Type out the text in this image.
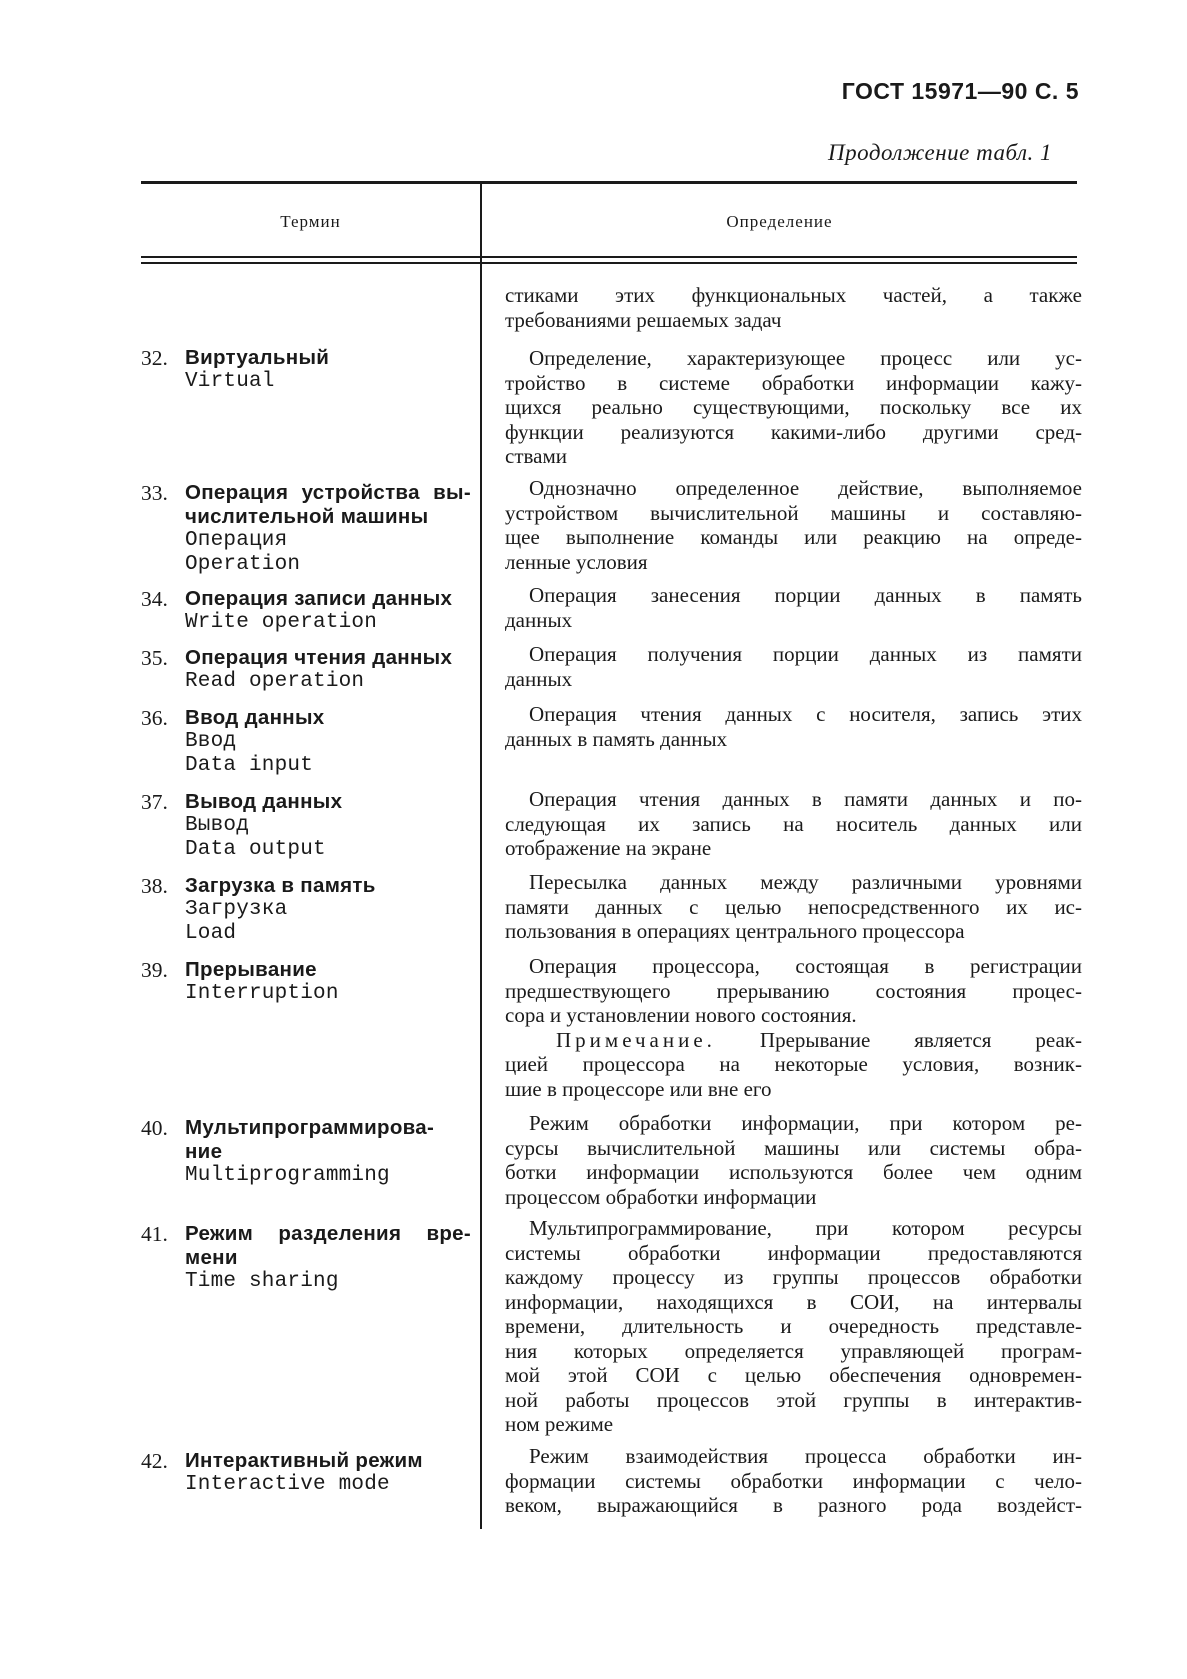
ГОСТ 15971—90 С. 5
Продолжение табл. 1
Термин	Определение
стиками этих функциональных частей, а также
требованиями решаемых задач
32. Виртуальный
Virtual
Определение, характеризующее процесс или ус-
тройство в системе обработки информации кажу-
щихся реально существующими, поскольку все их
функции реализуются какими-либо другими сред-
ствами
33. Операция устройства вы-
числительной машины
Операция
Operation
Однозначно определенное действие, выполняемое
устройством вычислительной машины и составляю-
щее выполнение команды или реакцию на опреде-
ленные условия
34. Операция записи данных
Write operation
Операция занесения порции данных в память
данных
35. Операция чтения данных
Read operation
Операция получения порции данных из памяти
данных
36. Ввод данных
Ввод
Data input
Операция чтения данных с носителя, запись этих
данных в память данных
37. Вывод данных
Вывод
Data output
Операция чтения данных в памяти данных и по-
следующая их запись на носитель данных или
отображение на экране
38. Загрузка в память
Загрузка
Load
Пересылка данных между различными уровнями
памяти данных с целью непосредственного их ис-
пользования в операциях центрального процессора
39. Прерывание
Interruption
Операция процессора, состоящая в регистрации
предшествующего прерыванию состояния процес-
сора и установлении нового состояния.
Примечание. Прерывание является реак-
цией процессора на некоторые условия, возник-
шие в процессоре или вне его
40. Мультипрограммирова-
ние
Multiprogramming
Режим обработки информации, при котором ре-
сурсы вычислительной машины или системы обра-
ботки информации используются более чем одним
процессом обработки информации
41. Режим разделения вре-
мени
Time sharing
Мультипрограммирование, при котором ресурсы
системы обработки информации предоставляются
каждому процессу из группы процессов обработки
информации, находящихся в СОИ, на интервалы
времени, длительность и очередность представле-
ния которых определяется управляющей програм-
мой этой СОИ с целью обеспечения одновремен-
ной работы процессов этой группы в интерактив-
ном режиме
42. Интерактивный режим
Interactive mode
Режим взаимодействия процесса обработки ин-
формации системы обработки информации с чело-
веком, выражающийся в разного рода воздейст-
